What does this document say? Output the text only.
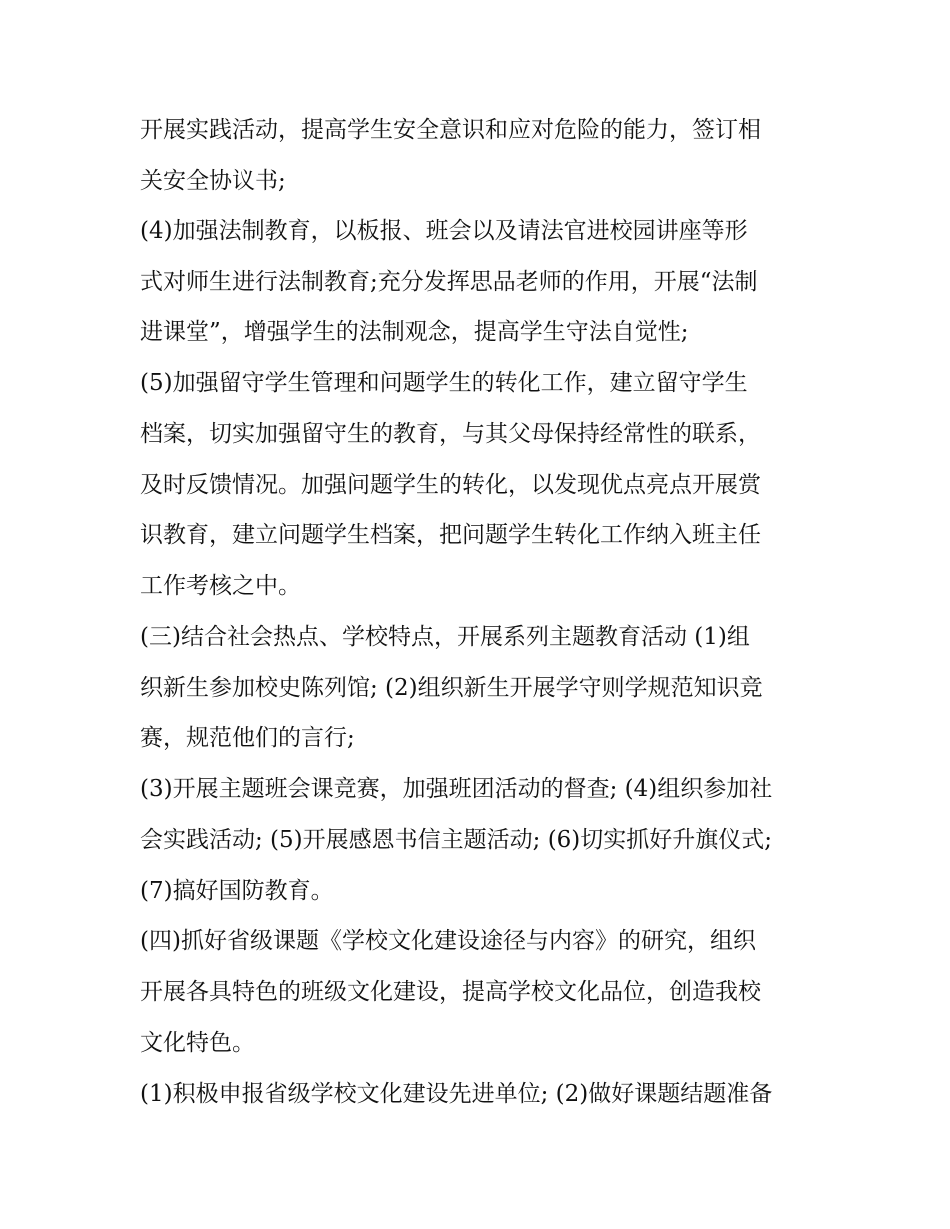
开展实践活动，提高学生安全意识和应对危险的能力，签订相
关安全协议书;
(4)加强法制教育，以板报、班会以及请法官进校园讲座等形
式对师生进行法制教育;充分发挥思品老师的作用，开展“法制
进课堂”，增强学生的法制观念，提高学生守法自觉性;
(5)加强留守学生管理和问题学生的转化工作，建立留守学生
档案，切实加强留守生的教育，与其父母保持经常性的联系，
及时反馈情况。加强问题学生的转化，以发现优点亮点开展赏
识教育，建立问题学生档案，把问题学生转化工作纳入班主任
工作考核之中。
(三)结合社会热点、学校特点，开展系列主题教育活动 (1)组
织新生参加校史陈列馆; (2)组织新生开展学守则学规范知识竞
赛，规范他们的言行;
(3)开展主题班会课竞赛，加强班团活动的督查; (4)组织参加社
会实践活动; (5)开展感恩书信主题活动; (6)切实抓好升旗仪式;
(7)搞好国防教育。
(四)抓好省级课题《学校文化建设途径与内容》的研究，组织
开展各具特色的班级文化建设，提高学校文化品位，创造我校
文化特色。
(1)积极申报省级学校文化建设先进单位; (2)做好课题结题准备
